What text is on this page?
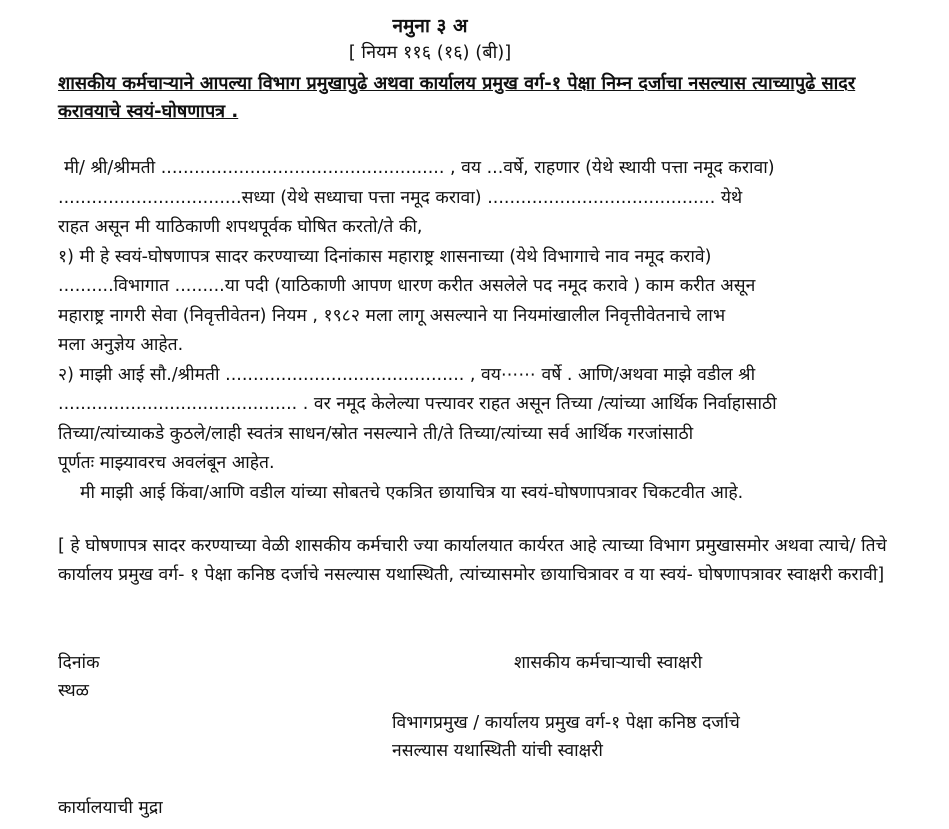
नमुना ३ अ
[ नियम ११६ (१६) (बी)]
शासकीय कर्मचाऱ्याने आपल्या विभाग प्रमुखापुढे अथवा कार्यालय प्रमुख वर्ग-१ पेक्षा निम्न दर्जाचा नसल्यास त्याच्यापुढे सादर करावयाचे स्वयं-घोषणापत्र .

मी/ श्री/श्रीमती ................................................... , वय ...वर्षे, राहणार (येथे स्थायी पत्ता नमूद करावा)

.................................सध्या (येथे सध्याचा पत्ता नमूद करावा) ......................................... येथे

राहत असून मी याठिकाणी शपथपूर्वक घोषित करतो/ते की,

१) मी हे स्वयं-घोषणापत्र सादर करण्याच्या दिनांकास महाराष्ट्र शासनाच्या (येथे विभागाचे नाव नमूद करावे)

..........विभागात .........या पदी (याठिकाणी आपण धारण करीत असलेले पद नमूद करावे ) काम करीत असून

महाराष्ट्र नागरी सेवा (निवृत्तीवेतन) नियम , १९८२ मला लागू असल्याने या नियमांखालील निवृत्तीवेतनाचे लाभ

मला अनुज्ञेय आहेत.

२) माझी आई सौ./श्रीमती ........................................... , वय⋯⋯ वर्षे . आणि/अथवा माझे वडील श्री

........................................... . वर नमूद केलेल्या पत्त्यावर राहत असून तिच्या /त्यांच्या आर्थिक निर्वाहासाठी

तिच्या/त्यांच्याकडे कुठले/लाही स्वतंत्र साधन/स्रोत नसल्याने ती/ते तिच्या/त्यांच्या सर्व आर्थिक गरजांसाठी

पूर्णतः माझ्यावरच अवलंबून आहेत.

मी माझी आई किंवा/आणि वडील यांच्या सोबतचे एकत्रित छायाचित्र या स्वयं-घोषणापत्रावर चिकटवीत आहे.

[ हे घोषणापत्र सादर करण्याच्या वेळी शासकीय कर्मचारी ज्या कार्यालयात कार्यरत आहे त्याच्या विभाग प्रमुखासमोर अथवा त्याचे/ तिचे कार्यालय प्रमुख वर्ग- १ पेक्षा कनिष्ठ दर्जाचे नसल्यास यथास्थिती, त्यांच्यासमोर छायाचित्रावर व या स्वयं- घोषणापत्रावर स्वाक्षरी करावी]
दिनांक
स्थळ
शासकीय कर्मचाऱ्याची स्वाक्षरी
विभागप्रमुख / कार्यालय प्रमुख वर्ग-१ पेक्षा कनिष्ठ दर्जाचे
नसल्यास यथास्थिती यांची स्वाक्षरी
कार्यालयाची मुद्रा
